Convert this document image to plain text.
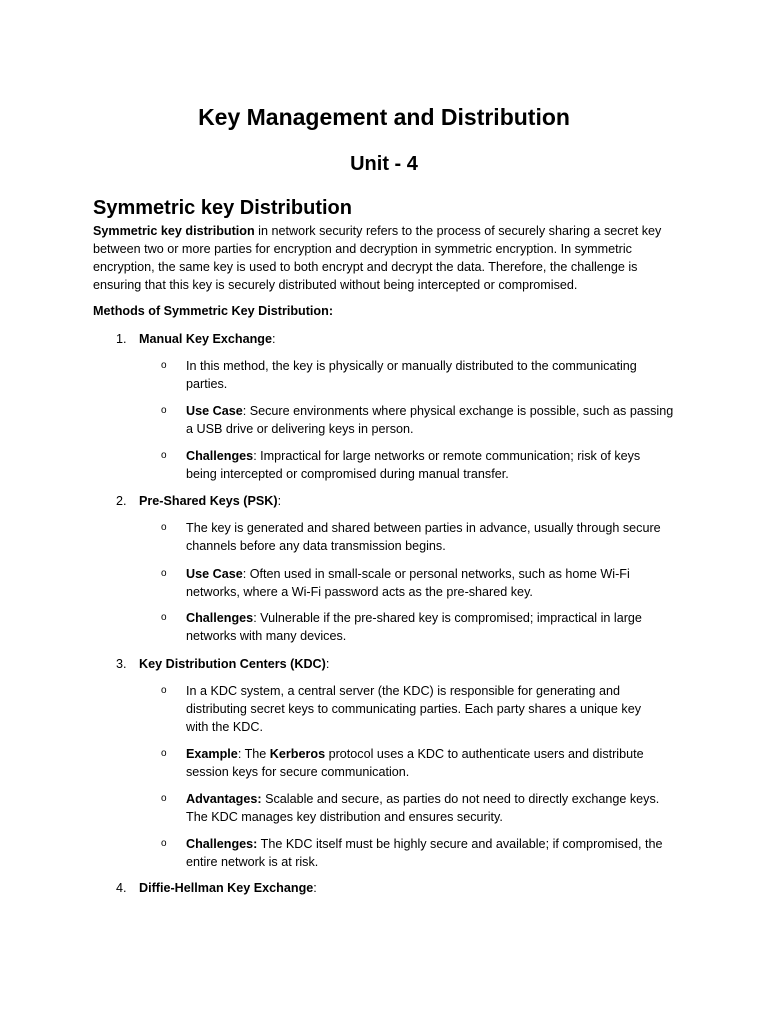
Key Management and Distribution
Unit - 4
Symmetric key Distribution
Symmetric key distribution in network security refers to the process of securely sharing a secret key
between two or more parties for encryption and decryption in symmetric encryption. In symmetric
encryption, the same key is used to both encrypt and decrypt the data. Therefore, the challenge is
ensuring that this key is securely distributed without being intercepted or compromised.
Methods of Symmetric Key Distribution:
1. Manual Key Exchange:
o	In this method, the key is physically or manually distributed to the communicating
parties.
o	Use Case: Secure environments where physical exchange is possible, such as passing
a USB drive or delivering keys in person.
o	Challenges: Impractical for large networks or remote communication; risk of keys
being intercepted or compromised during manual transfer.
2. Pre-Shared Keys (PSK):
o	The key is generated and shared between parties in advance, usually through secure
channels before any data transmission begins.
o	Use Case: Often used in small-scale or personal networks, such as home Wi-Fi
networks, where a Wi-Fi password acts as the pre-shared key.
o	Challenges: Vulnerable if the pre-shared key is compromised; impractical in large
networks with many devices.
3. Key Distribution Centers (KDC):
o	In a KDC system, a central server (the KDC) is responsible for generating and
distributing secret keys to communicating parties. Each party shares a unique key
with the KDC.
o	Example: The Kerberos protocol uses a KDC to authenticate users and distribute
session keys for secure communication.
o	Advantages: Scalable and secure, as parties do not need to directly exchange keys.
The KDC manages key distribution and ensures security.
o	Challenges: The KDC itself must be highly secure and available; if compromised, the
entire network is at risk.
4. Diffie-Hellman Key Exchange:
